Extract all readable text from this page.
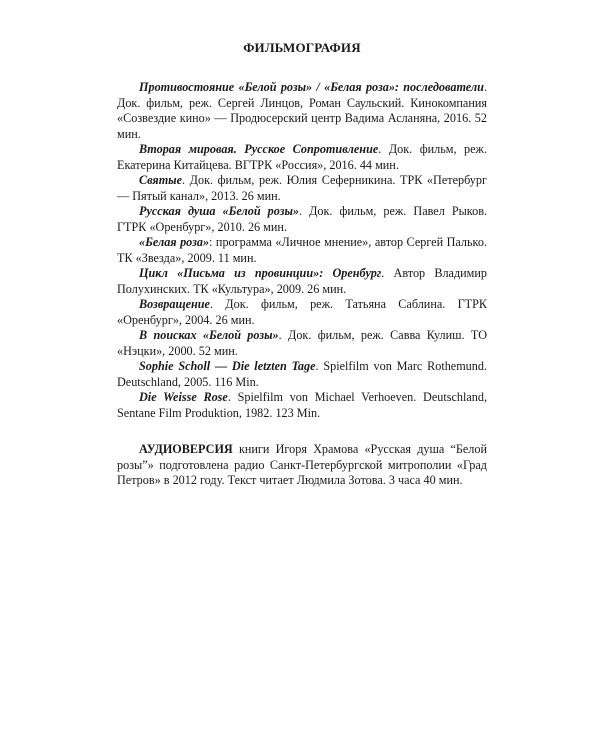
ФИЛЬМОГРАФИЯ

Противостояние «Белой розы» / «Белая роза»: последователи. Док. фильм, реж. Сергей Линцов, Роман Саульский. Кинокомпания «Созвездие кино» — Продюсерский центр Вадима Асланяна, 2016. 52 мин.

Вторая мировая. Русское Сопротивление. Док. фильм, реж. Екатерина Китайцева. ВГТРК «Россия», 2016. 44 мин.

Святые. Док. фильм, реж. Юлия Сеферникина. ТРК «Петербург — Пятый канал», 2013. 26 мин.

Русская душа «Белой розы». Док. фильм, реж. Павел Рыков. ГТРК «Оренбург», 2010. 26 мин.

«Белая роза»: программа «Личное мнение», автор Сергей Палько. ТК «Звезда», 2009. 11 мин.

Цикл «Письма из провинции»: Оренбург. Автор Владимир Полухинских. ТК «Культура», 2009. 26 мин.

Возвращение. Док. фильм, реж. Татьяна Саблина. ГТРК «Оренбург», 2004. 26 мин.

В поисках «Белой розы». Док. фильм, реж. Савва Кулиш. ТО «Нэцки», 2000. 52 мин.

Sophie Scholl — Die letzten Tage. Spielfilm von Marc Rothemund. Deutschland, 2005. 116 Min.

Die Weisse Rose. Spielfilm von Michael Verhoeven. Deutschland, Sentane Film Produktion, 1982. 123 Min.

АУДИОВЕРСИЯ книги Игоря Храмова «Русская душа “Белой розы”» подготовлена радио Санкт-Петербургской митрополии «Град Петров» в 2012 году. Текст читает Людмила Зотова. 3 часа 40 мин.
